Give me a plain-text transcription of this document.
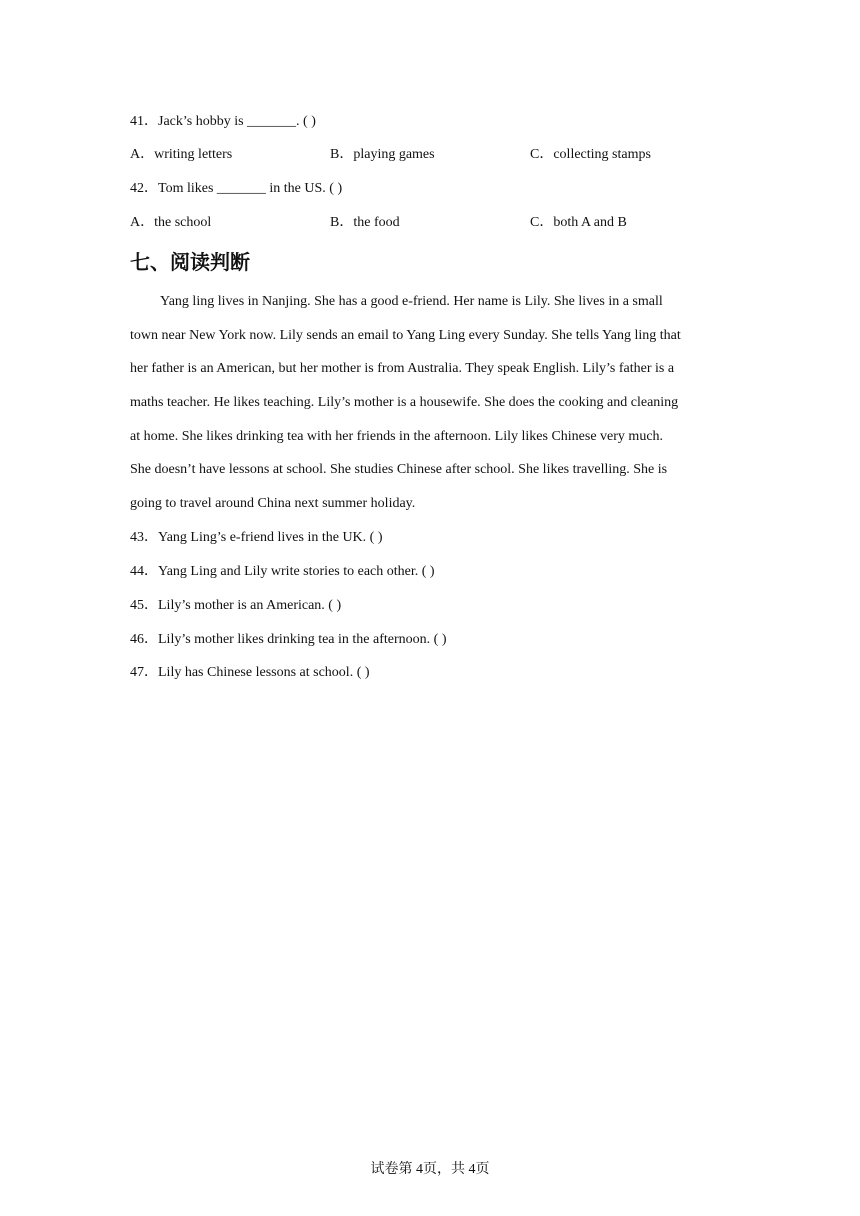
41．Jack’s hobby is _______. ( )
A．writing letters	B．playing games	C．collecting stamps
42．Tom likes _______ in the US. ( )
A．the school	B．the food	C．both A and B
七、阅读判断
Yang ling lives in Nanjing. She has a good e-friend. Her name is Lily. She lives in a small
town near New York now. Lily sends an email to Yang Ling every Sunday. She tells Yang ling that
her father is an American, but her mother is from Australia. They speak English. Lily’s father is a
maths teacher. He likes teaching. Lily’s mother is a housewife. She does the cooking and cleaning
at home. She likes drinking tea with her friends in the afternoon. Lily likes Chinese very much.
She doesn’t have lessons at school. She studies Chinese after school. She likes travelling. She is
going to travel around China next summer holiday.
43．Yang Ling’s e-friend lives in the UK. ( )
44．Yang Ling and Lily write stories to each other. ( )
45．Lily’s mother is an American. ( )
46．Lily’s mother likes drinking tea in the afternoon. ( )
47．Lily has Chinese lessons at school. ( )
试卷第 4页，共 4页
